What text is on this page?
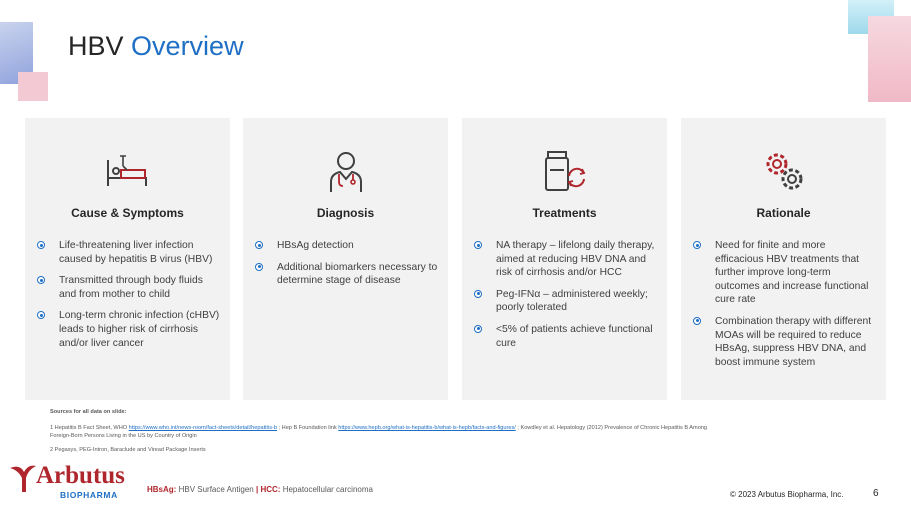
HBV Overview
Cause & Symptoms
Life-threatening liver infection caused by hepatitis B virus (HBV)
Transmitted through body fluids and from mother to child
Long-term chronic infection (cHBV) leads to higher risk of cirrhosis and/or liver cancer
Diagnosis
HBsAg detection
Additional biomarkers necessary to determine stage of disease
Treatments
NA therapy – lifelong daily therapy, aimed at reducing HBV DNA and risk of cirrhosis and/or HCC
Peg-IFNα – administered weekly; poorly tolerated
<5% of patients achieve functional cure
Rationale
Need for finite and more efficacious HBV treatments that further improve long-term outcomes and increase functional cure rate
Combination therapy with different MOAs will be required to reduce HBsAg, suppress HBV DNA, and boost immune system
Sources for all data on slide:

1 Hepatitis B Fact Sheet, WHO https://www.who.int/news-room/fact-sheets/detail/hepatitis-b ; Hep B Foundation link https://www.hepb.org/what-is-hepatitis-b/what-is-hepb/facts-and-figures/ ; Kowdley et al. Hepatology (2012) Prevalence of Chronic Hepatitis B Among Foreign-Born Persons Living in the US by Country of Origin

2 Pegasys, PEG-Intron, Baraclude and Viread Package Inserts

Arbutus
BIOPHARMA
HBsAg: HBV Surface Antigen | HCC: Hepatocellular carcinoma
© 2023 Arbutus Biopharma, Inc.	6
